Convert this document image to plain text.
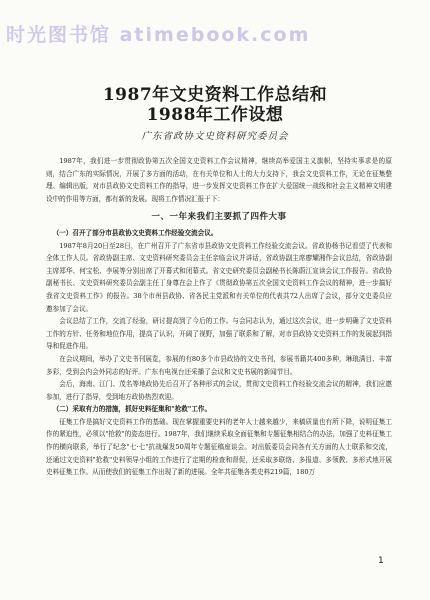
时光图书馆 atimebook.com
1987年文史资料工作总结和
1988年工作设想
广东省政协文史资料研究委员会

1987年，我们进一步贯彻政协第五次全国文史资料工作会议精神，继续高举爱国主义旗帜，坚持实事求是的原则，结合广东的实际情况，开展了多方面的活动，在有关单位和人士的大力支持下，我会文史资料工作，无论在征集整理、编辑出版，对市县政协文史资料工作的指导，进一步发挥文史资料工作在扩大爱国统一战线和社会主义精神文明建设中的作用等方面，都有新的发展。现将工作情况汇报于下：

一、一年来我们主要抓了四件大事

（一）召开了部分市县政协文史资料工作经验交流会议。

1987年8月20日至28日，在广州召开了广东省市县政协文史资料工作经验交流会议。省政协杨书记看望了代表和全体工作人员。省政协副主席、文史资料研究委员会主任亲临会议并讲话，省政协副主席廖耀湘作会议总结，省政协副主席郑华、何宝松、李展等分别出席了开幕式和闭幕式。省文史研究委员会副秘书长陈蔚江宣读会议工作报告。省政协副秘书长、文史资料研究委员会副主任丁身尊在会上作了《贯彻政协第五次全国文史资料工作会议的精神，进一步搞好我省文史资料工作》的报告。38个市州县政协、省各民主党派和有关单位的代表共72人出席了会议，部分文史委员应邀参加了会议。

会议总结了工作，交流了经验，研讨提高到了今后的工作。与会同志认为，通过这次会议，进一步明确了文史资料工作的方针、任务和地位作用，提高了认识，开阔了视野，加强了联系和了解，对市县政协文史资料工作的发展起到指导和促进作用。

在会议期间，举办了文史书刊展览，参展的有80多个市县政协的文史书刊，参展书籍共400多种，琳琅满目、丰富多彩，受到会内会外同志的好评。广东有电视台还采播了会议和文史书展的新闻节目。

会后，海南、江门、茂名等地政协先后召开了各种形式的会议，贯彻文史资料工作经验交流会议的精神，我们应邀参加，进行了指导，受到地方政协热烈欢迎。

（二）采取有力的措施，抓好史料征集和"抢救"工作。

征集工作是搞好文史资料工作的基础。现在掌握重要史料的老年人士越来越少，来稿质量也有所下降，说明征集工作的紧迫性，必须以"抢救"的姿态进行。1987年，我们继续采取全面征集和专题征集相结合的办法，加强了史料征集工作的横向联系，举行了纪念"七·七"抗战爆发50周年专题征稿座谈会。对出版委员会同各有关方面的人士联系和交流，还通过文史资料"抢救"史料领导小组的工作进行了定期的检查和督促，还采取多联络、多报道、多领教、多形式地开展史料征集工作。从而使我们的征集工作出现了新的进展。全年共征集各类史料219篇，180万

1
